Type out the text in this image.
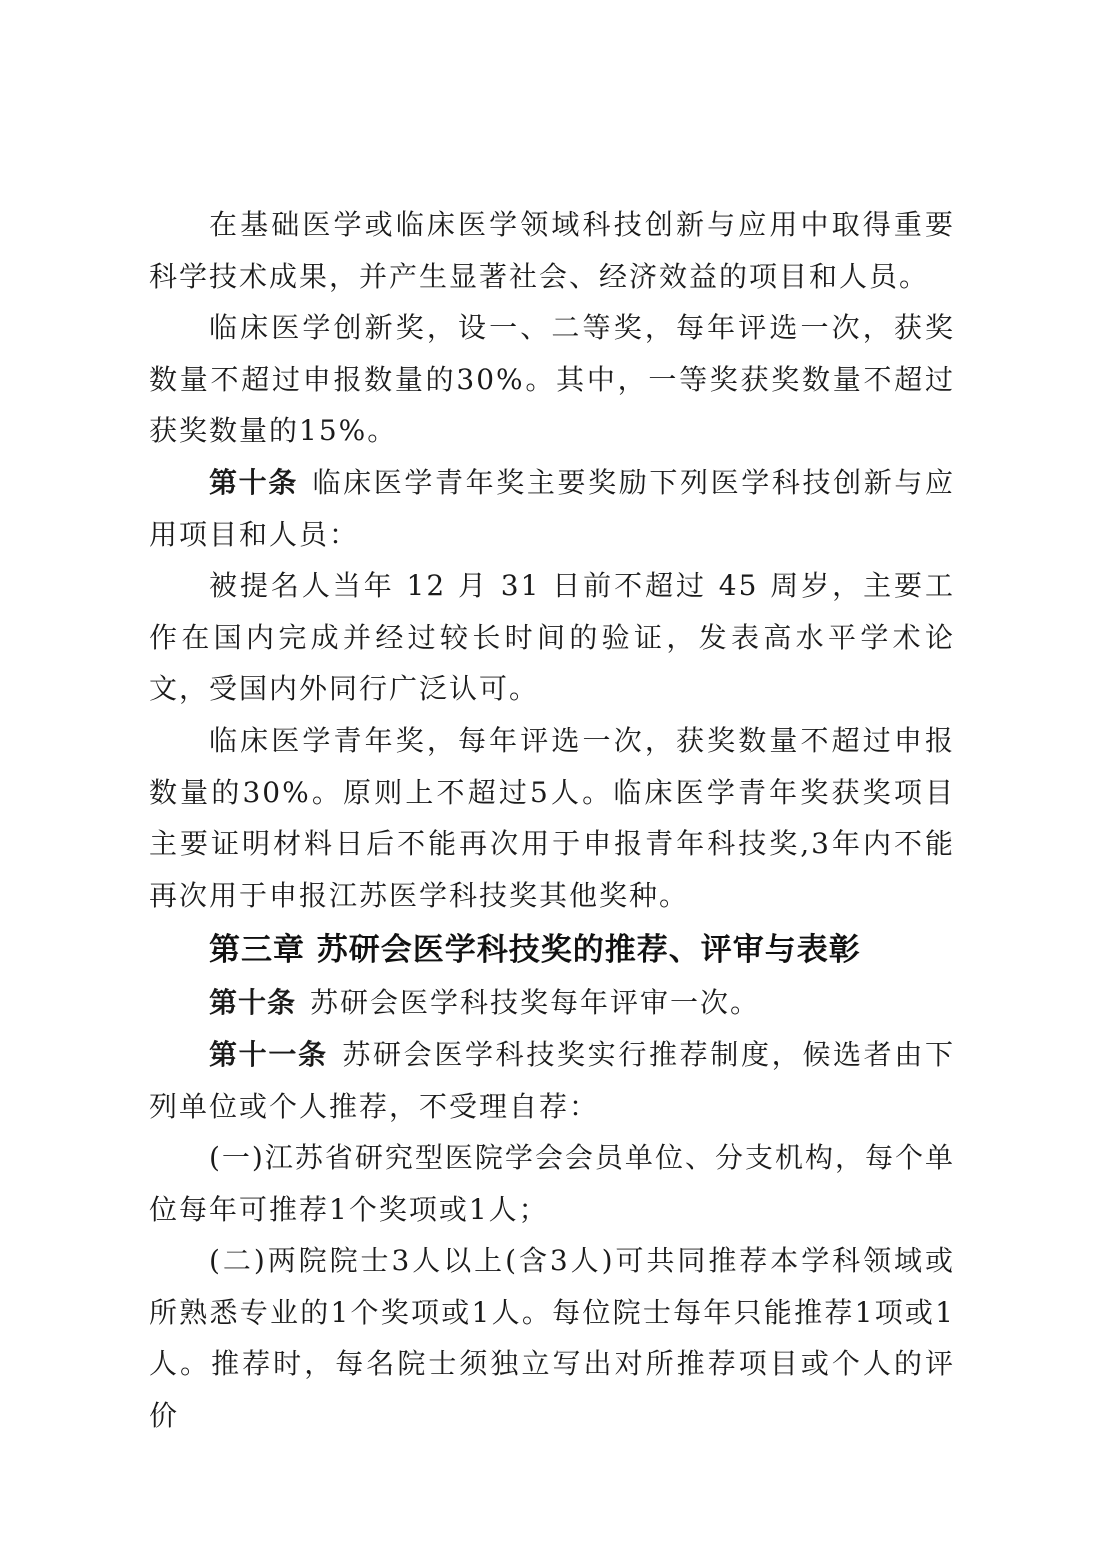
在基础医学或临床医学领域科技创新与应用中取得重要科学技术成果，并产生显著社会、经济效益的项目和人员。

临床医学创新奖，设一、二等奖，每年评选一次，获奖数量不超过申报数量的30%。其中，一等奖获奖数量不超过获奖数量的15%。

第十条 临床医学青年奖主要奖励下列医学科技创新与应用项目和人员：

被提名人当年 12 月 31 日前不超过 45 周岁，主要工作在国内完成并经过较长时间的验证，发表高水平学术论文，受国内外同行广泛认可。

临床医学青年奖，每年评选一次，获奖数量不超过申报数量的30%。原则上不超过5人。临床医学青年奖获奖项目主要证明材料日后不能再次用于申报青年科技奖,3年内不能再次用于申报江苏医学科技奖其他奖种。

第三章 苏研会医学科技奖的推荐、评审与表彰

第十条 苏研会医学科技奖每年评审一次。

第十一条 苏研会医学科技奖实行推荐制度，候选者由下列单位或个人推荐，不受理自荐：

(一)江苏省研究型医院学会会员单位、分支机构，每个单位每年可推荐1个奖项或1人；

(二)两院院士3人以上(含3人)可共同推荐本学科领域或所熟悉专业的1个奖项或1人。每位院士每年只能推荐1项或1人。推荐时，每名院士须独立写出对所推荐项目或个人的评价
